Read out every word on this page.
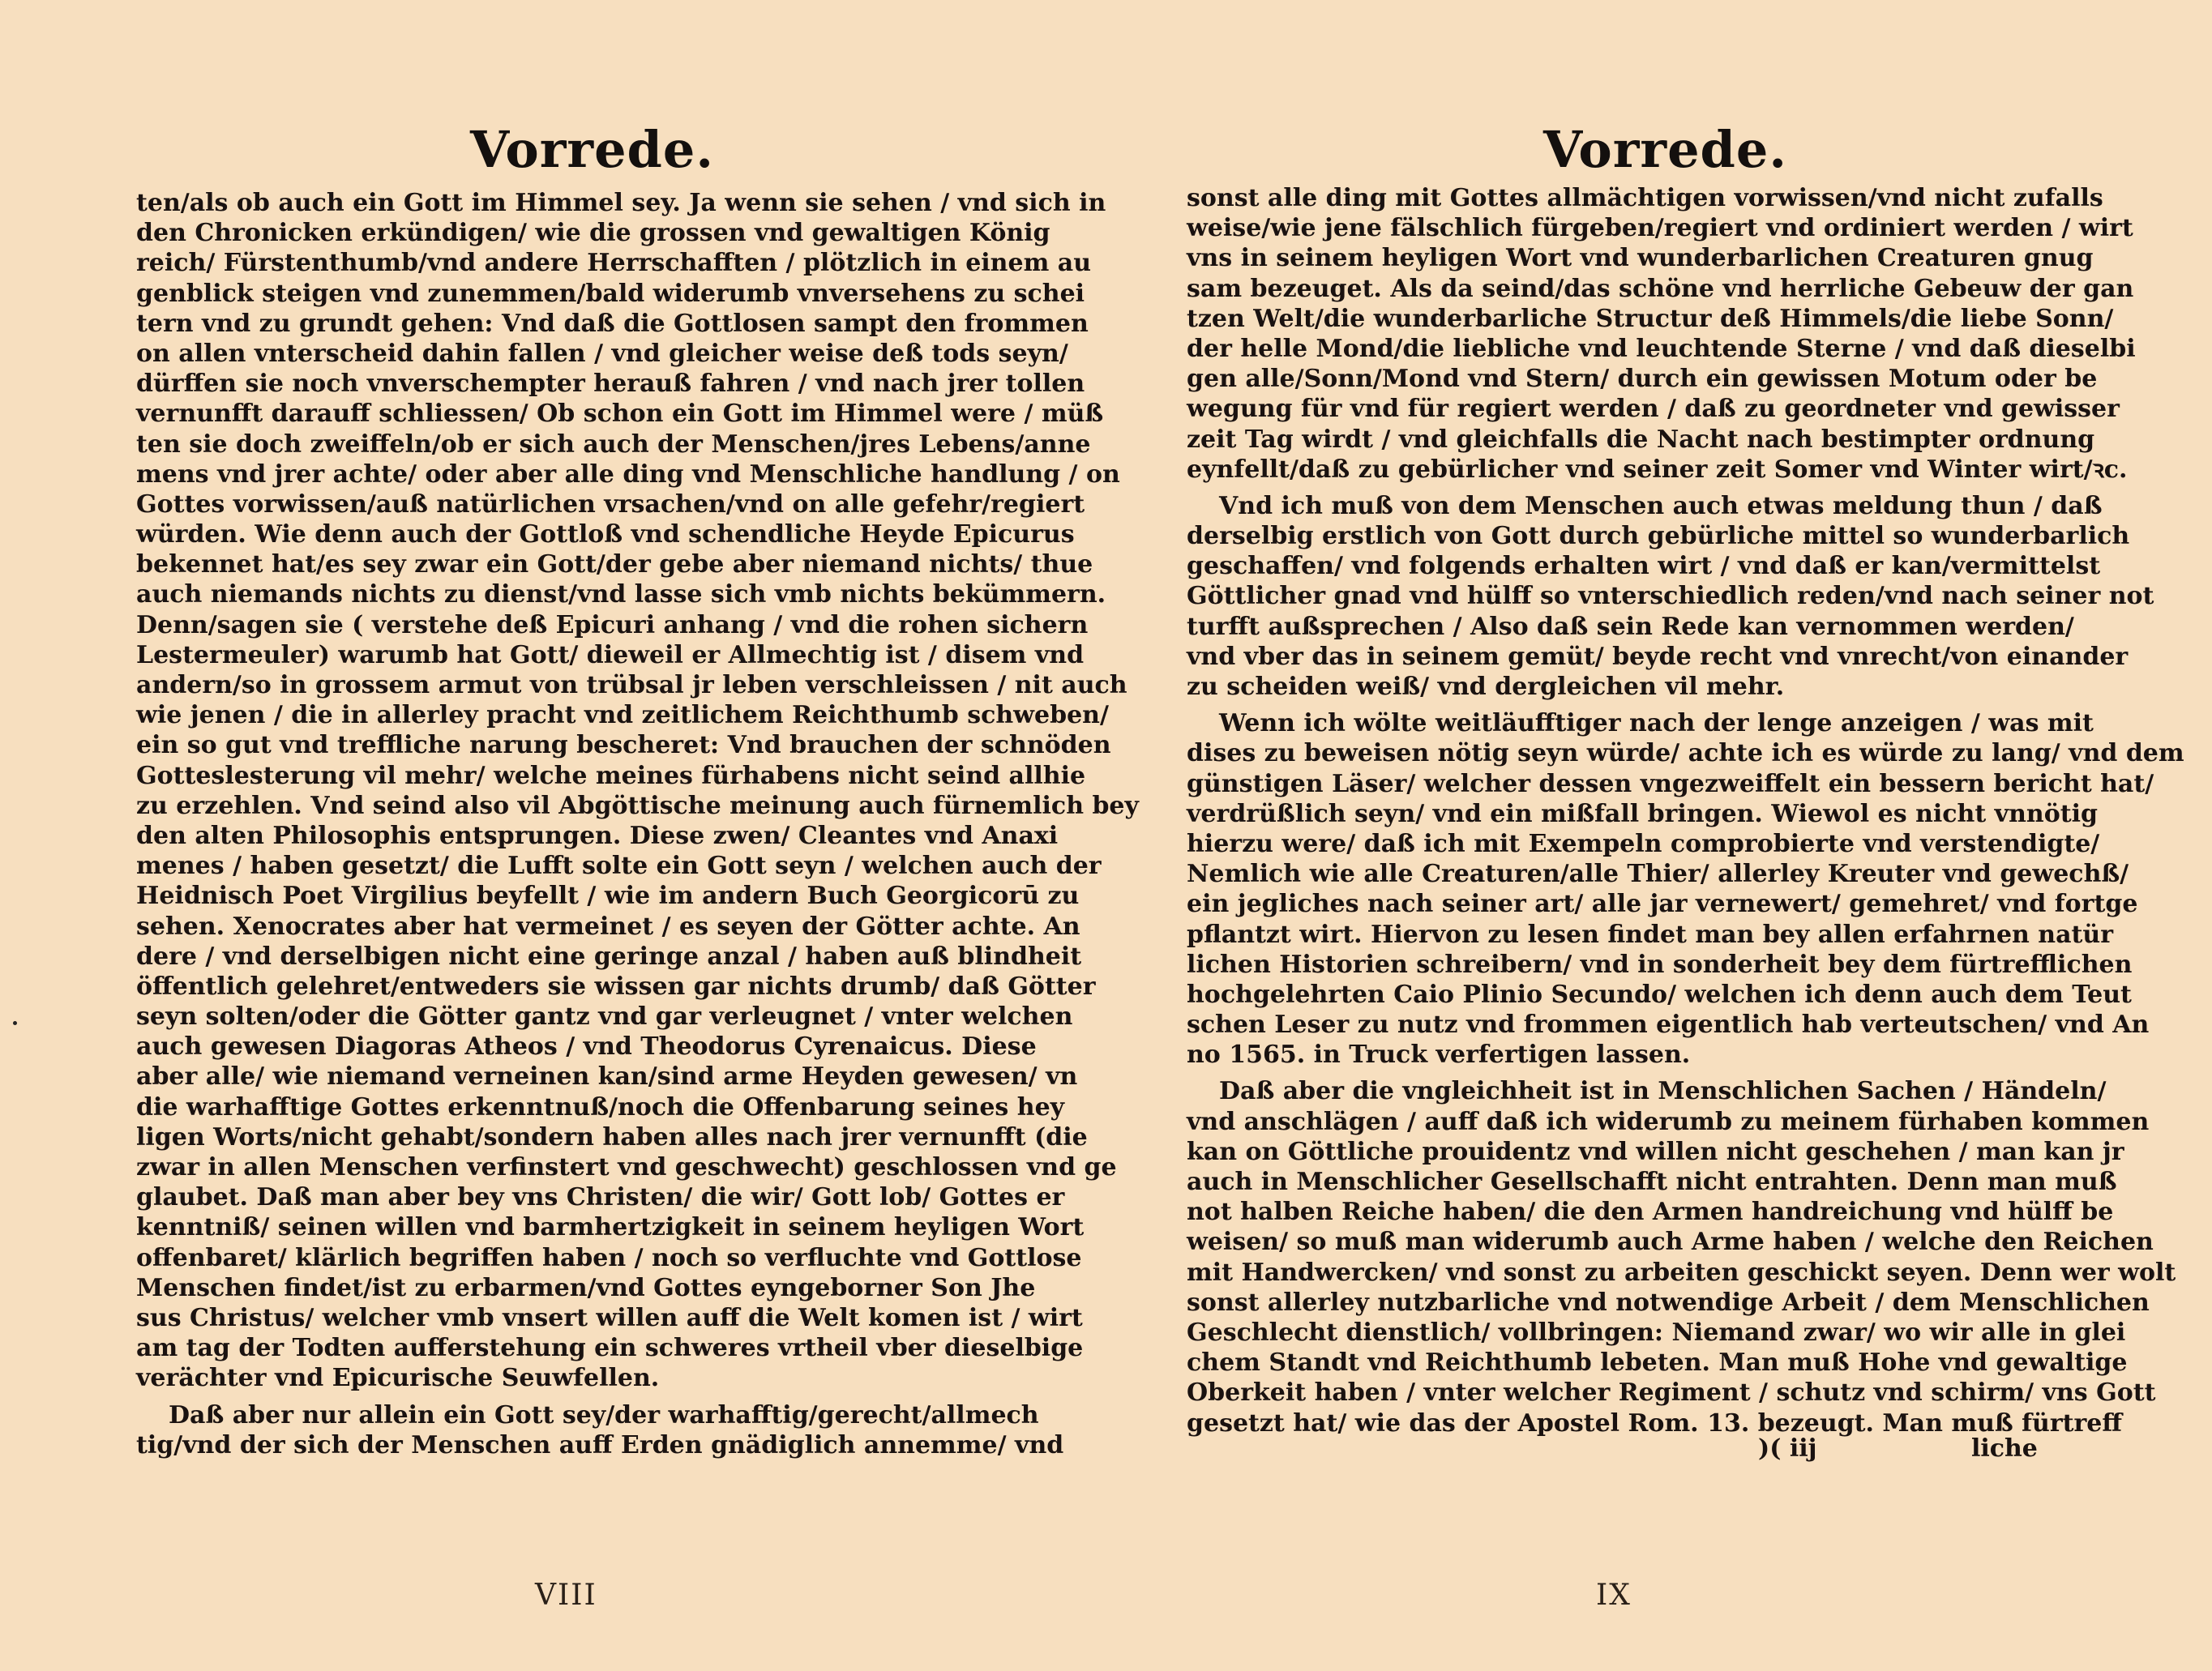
Vorrede.
ten/als ob auch ein Gott im Himmel sey. Ja wenn sie sehen / vnd sich in
den Chronicken erkündigen/ wie die grossen vnd gewaltigen König
reich/ Fürstenthumb/vnd andere Herrschafften / plötzlich in einem au
genblick steigen vnd zunemmen/bald widerumb vnversehens zu schei
tern vnd zu grundt gehen: Vnd daß die Gottlosen sampt den frommen
on allen vnterscheid dahin fallen / vnd gleicher weise deß tods seyn/
dürffen sie noch vnverschempter herauß fahren / vnd nach jrer tollen
vernunfft darauff schliessen/ Ob schon ein Gott im Himmel were / müß
ten sie doch zweiffeln/ob er sich auch der Menschen/jres Lebens/anne
mens vnd jrer achte/ oder aber alle ding vnd Menschliche handlung / on
Gottes vorwissen/auß natürlichen vrsachen/vnd on alle gefehr/regiert
würden. Wie denn auch der Gottloß vnd schendliche Heyde Epicurus
bekennet hat/es sey zwar ein Gott/der gebe aber niemand nichts/ thue
auch niemands nichts zu dienst/vnd lasse sich vmb nichts bekümmern.
Denn/sagen sie ( verstehe deß Epicuri anhang / vnd die rohen sichern
Lestermeuler) warumb hat Gott/ dieweil er Allmechtig ist / disem vnd
andern/so in grossem armut von trübsal jr leben verschleissen / nit auch
wie jenen / die in allerley pracht vnd zeitlichem Reichthumb schweben/
ein so gut vnd treffliche narung bescheret: Vnd brauchen der schnöden
Gotteslesterung vil mehr/ welche meines fürhabens nicht seind allhie
zu erzehlen. Vnd seind also vil Abgöttische meinung auch fürnemlich bey
den alten Philosophis entsprungen. Diese zwen/ Cleantes vnd Anaxi
menes / haben gesetzt/ die Lufft solte ein Gott seyn / welchen auch der
Heidnisch Poet Virgilius beyfellt / wie im andern Buch Georgicorū zu
sehen. Xenocrates aber hat vermeinet / es seyen der Götter achte. An
dere / vnd derselbigen nicht eine geringe anzal / haben auß blindheit
öffentlich gelehret/entweders sie wissen gar nichts drumb/ daß Götter
seyn solten/oder die Götter gantz vnd gar verleugnet / vnter welchen
auch gewesen Diagoras Atheos / vnd Theodorus Cyrenaicus. Diese
aber alle/ wie niemand verneinen kan/sind arme Heyden gewesen/ vn
die warhafftige Gottes erkenntnuß/noch die Offenbarung seines hey
ligen Worts/nicht gehabt/sondern haben alles nach jrer vernunfft (die
zwar in allen Menschen verfinstert vnd geschwecht) geschlossen vnd ge
glaubet. Daß man aber bey vns Christen/ die wir/ Gott lob/ Gottes er
kenntniß/ seinen willen vnd barmhertzigkeit in seinem heyligen Wort
offenbaret/ klärlich begriffen haben / noch so verfluchte vnd Gottlose
Menschen findet/ist zu erbarmen/vnd Gottes eyngeborner Son Jhe
sus Christus/ welcher vmb vnsert willen auff die Welt komen ist / wirt
am tag der Todten aufferstehung ein schweres vrtheil vber dieselbige
verächter vnd Epicurische Seuwfellen.
Daß aber nur allein ein Gott sey/der warhafftig/gerecht/allmech
tig/vnd der sich der Menschen auff Erden gnädiglich annemme/ vnd
VIII
Vorrede.
sonst alle ding mit Gottes allmächtigen vorwissen/vnd nicht zufalls
weise/wie jene fälschlich fürgeben/regiert vnd ordiniert werden / wirt
vns in seinem heyligen Wort vnd wunderbarlichen Creaturen gnug
sam bezeuget. Als da seind/das schöne vnd herrliche Gebeuw der gan
tzen Welt/die wunderbarliche Structur deß Himmels/die liebe Sonn/
der helle Mond/die liebliche vnd leuchtende Sterne / vnd daß dieselbi
gen alle/Sonn/Mond vnd Stern/ durch ein gewissen Motum oder be
wegung für vnd für regiert werden / daß zu geordneter vnd gewisser
zeit Tag wirdt / vnd gleichfalls die Nacht nach bestimpter ordnung
eynfellt/daß zu gebürlicher vnd seiner zeit Somer vnd Winter wirt/ꝛc.
Vnd ich muß von dem Menschen auch etwas meldung thun / daß
derselbig erstlich von Gott durch gebürliche mittel so wunderbarlich
geschaffen/ vnd folgends erhalten wirt / vnd daß er kan/vermittelst
Göttlicher gnad vnd hülff so vnterschiedlich reden/vnd nach seiner not
turfft außsprechen / Also daß sein Rede kan vernommen werden/
vnd vber das in seinem gemüt/ beyde recht vnd vnrecht/von einander
zu scheiden weiß/ vnd dergleichen vil mehr.
Wenn ich wölte weitläufftiger nach der lenge anzeigen / was mit
dises zu beweisen nötig seyn würde/ achte ich es würde zu lang/ vnd dem
günstigen Läser/ welcher dessen vngezweiffelt ein bessern bericht hat/
verdrüßlich seyn/ vnd ein mißfall bringen. Wiewol es nicht vnnötig
hierzu were/ daß ich mit Exempeln comprobierte vnd verstendigte/
Nemlich wie alle Creaturen/alle Thier/ allerley Kreuter vnd gewechß/
ein jegliches nach seiner art/ alle jar vernewert/ gemehret/ vnd fortge
pflantzt wirt. Hiervon zu lesen findet man bey allen erfahrnen natür
lichen Historien schreibern/ vnd in sonderheit bey dem fürtrefflichen
hochgelehrten Caio Plinio Secundo/ welchen ich denn auch dem Teut
schen Leser zu nutz vnd frommen eigentlich hab verteutschen/ vnd An
no 1565. in Truck verfertigen lassen.
Daß aber die vngleichheit ist in Menschlichen Sachen / Händeln/
vnd anschlägen / auff daß ich widerumb zu meinem fürhaben kommen
kan on Göttliche prouidentz vnd willen nicht geschehen / man kan jr
auch in Menschlicher Gesellschafft nicht entrahten. Denn man muß
not halben Reiche haben/ die den Armen handreichung vnd hülff be
weisen/ so muß man widerumb auch Arme haben / welche den Reichen
mit Handwercken/ vnd sonst zu arbeiten geschickt seyen. Denn wer wolt
sonst allerley nutzbarliche vnd notwendige Arbeit / dem Menschlichen
Geschlecht dienstlich/ vollbringen: Niemand zwar/ wo wir alle in glei
chem Standt vnd Reichthumb lebeten. Man muß Hohe vnd gewaltige
Oberkeit haben / vnter welcher Regiment / schutz vnd schirm/ vns Gott
gesetzt hat/ wie das der Apostel Rom. 13. bezeugt. Man muß fürtreff
)( iij	liche
IX
